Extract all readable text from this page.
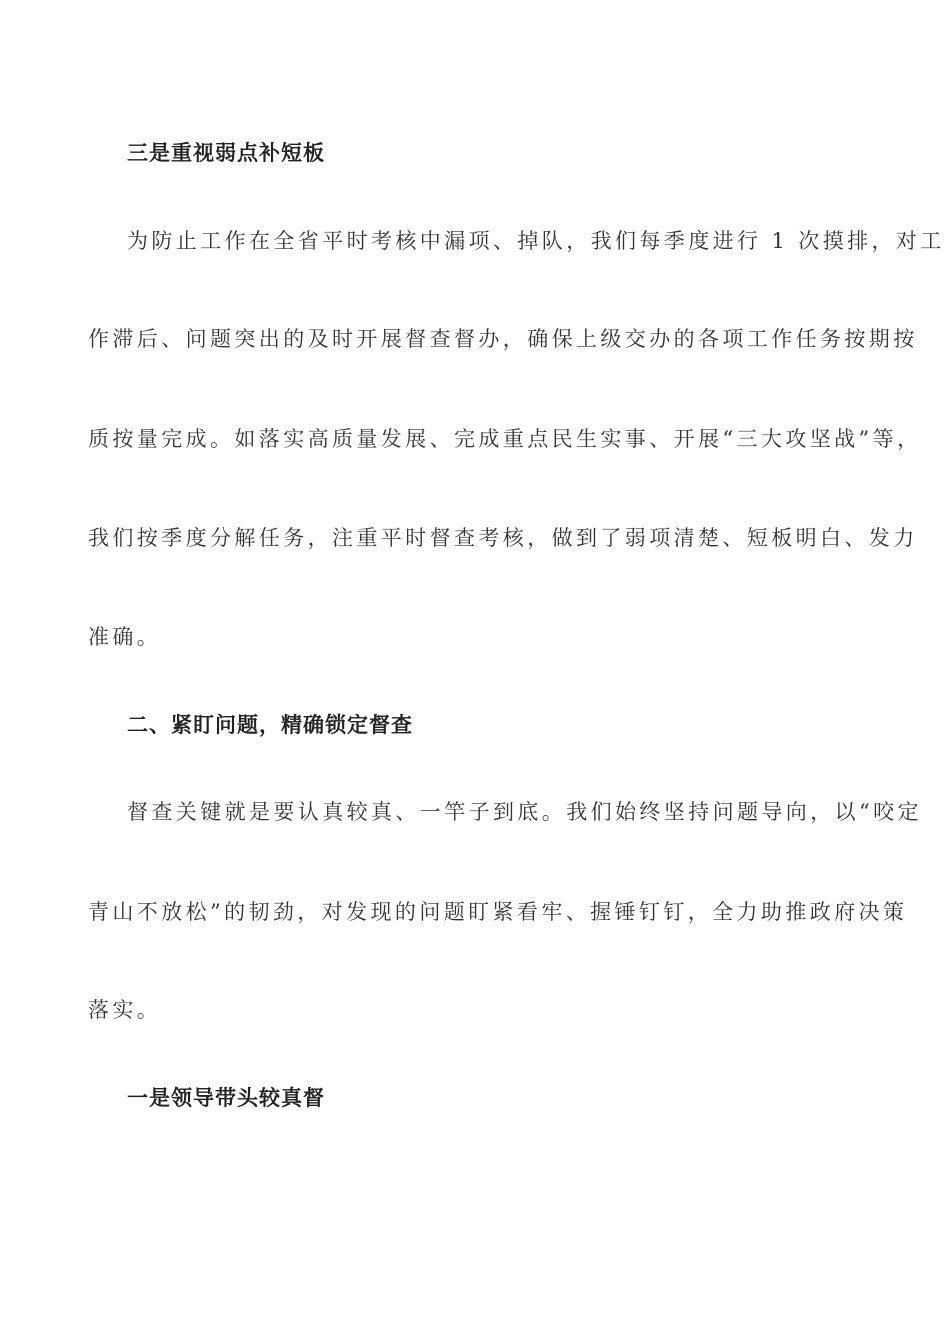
三是重视弱点补短板
为防止工作在全省平时考核中漏项、掉队，我们每季度进行 1 次摸排，对工
作滞后、问题突出的及时开展督查督办，确保上级交办的各项工作任务按期按
质按量完成。如落实高质量发展、完成重点民生实事、开展“三大攻坚战”等，
我们按季度分解任务，注重平时督查考核，做到了弱项清楚、短板明白、发力
准确。
二、紧盯问题，精确锁定督查
督查关键就是要认真较真、一竿子到底。我们始终坚持问题导向，以“咬定
青山不放松”的韧劲，对发现的问题盯紧看牢、握锤钉钉，全力助推政府决策
落实。
一是领导带头较真督
